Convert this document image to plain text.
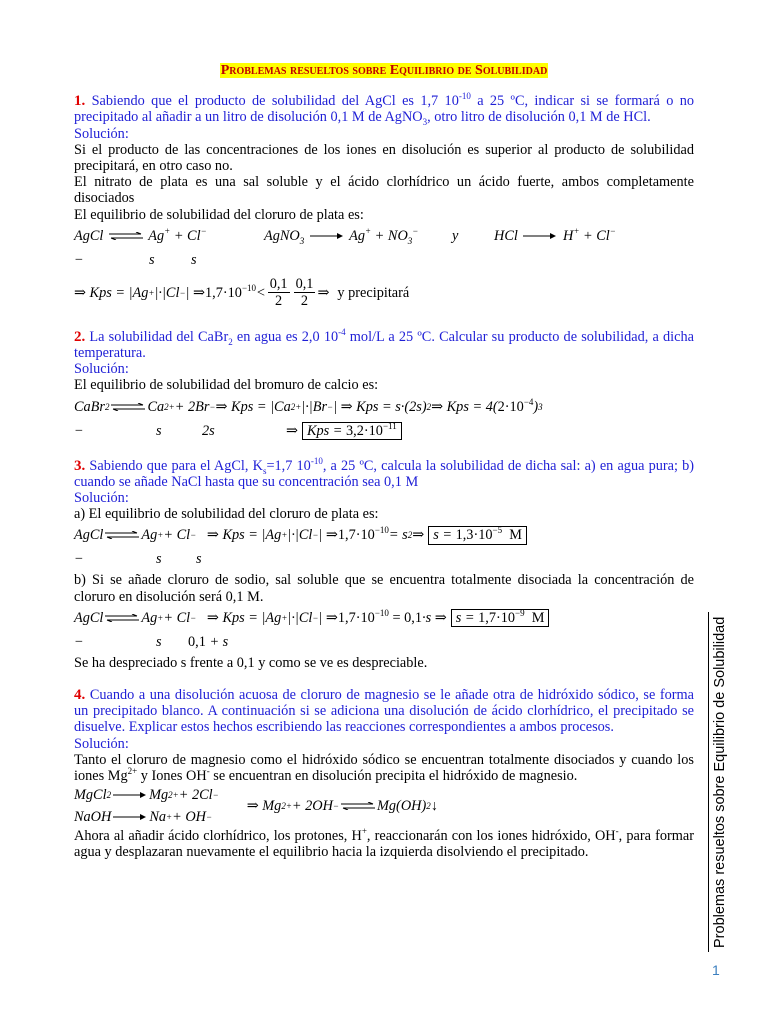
Problemas resueltos sobre Equilibrio de Solubilidad

1. Sabiendo que el producto de solubilidad del AgCl es 1,7 $10^{-10}$ a 25 ºC, indicar si se formará o no precipitado al añadir a un litro de disolución 0,1 M de AgNO$_3$, otro litro de disolución 0,1 M de HCl.

Solución:

Si el producto de las concentraciones de los iones en disolución es superior al producto de solubilidad precipitará, en otro caso no.

El nitrato de plata es una sal soluble y el ácido clorhídrico un ácido fuerte, ambos completamente disociados

El equilibrio de solubilidad del cloruro de plata es:

AgCl ⇌ Ag+ + Cl−	AgNO$_3$ → $Ag^+ + NO_3^-$	y	HCl → H+ + Cl−
−	s	s
⇒ Kps = |Ag + |·|Cl − | ⇒ $1,7\cdot 10^{-10} < \frac{0,1}{2} \frac{0,1}{2}$ ⇒ y precipitará

2. La solubilidad del CaBr$_2$ en agua es 2,0 $10^{-4}$ mol/L a 25 ºC. Calcular su producto de solubilidad, a dicha temperatura.

Solución:

El equilibrio de solubilidad del bromuro de calcio es:

CaBr 2 ⇌ Ca 2+ + 2Br − ⇒ Kps = |Ca 2+ |·|Br − | ⇒ Kps = s·(2s) 2 ⇒ Kps = 4( $2\cdot 10^{-4}$ ) 3
−	s	2s	⇒ Kps = $3,2\cdot 10^{-11}$

3. Sabiendo que para el AgCl, $K_s=1,7$ $10^{-10}$, a 25 ºC, calcula la solubilidad de dicha sal: a) en agua pura; b) cuando se añade NaCl hasta que su concentración sea 0,1 M

Solución:

a) El equilibrio de solubilidad del cloruro de plata es:

AgCl ⇌ Ag + + Cl − ⇒ Kps = |Ag + |·|Cl − | ⇒ $1,7\cdot 10^{-10} = s$ 2 ⇒ $s = 1,3\cdot 10^{-5}$  M
−	s	s

b) Si se añade cloruro de sodio, sal soluble que se encuentra totalmente disociada la concentración de cloruro en disolución será 0,1 M.

AgCl ⇌ Ag + + Cl − ⇒ Kps = |Ag + |·|Cl − | ⇒ $1,7\cdot 10^{-10} = 0,1 \cdot s$ ⇒ $s = 1,7\cdot 10^{-9}$  M
−	s	0,1 + s

Se ha despreciado s frente a 0,1 y como se ve es despreciable.

4. Cuando a una disolución acuosa de cloruro de magnesio se le añade otra de hidróxido sódico, se forma un precipitado blanco. A continuación si se adiciona una disolución de ácido clorhídrico, el precipitado se disuelve. Explicar estos hechos escribiendo las reacciones correspondientes a ambos procesos.

Solución:

Tanto el cloruro de magnesio como el hidróxido sódico se encuentran totalmente disociados y cuando los iones $Mg^{2+}$ y Iones OH- se encuentran en disolución precipita el hidróxido de magnesio.

MgCl 2 → Mg 2+ + 2Cl −
NaOH → Na + + OH −
⇒ Mg 2+ + 2OH − ⇌ Mg(OH) 2 ↓

Ahora al añadir ácido clorhídrico, los protones, H+, reaccionarán con los iones hidróxido, OH-, para formar agua y desplazaran nuevamente el equilibrio hacia la izquierda disolviendo el precipitado.	Problemas resueltos sobre Equilibrio de Solubilidad
1
